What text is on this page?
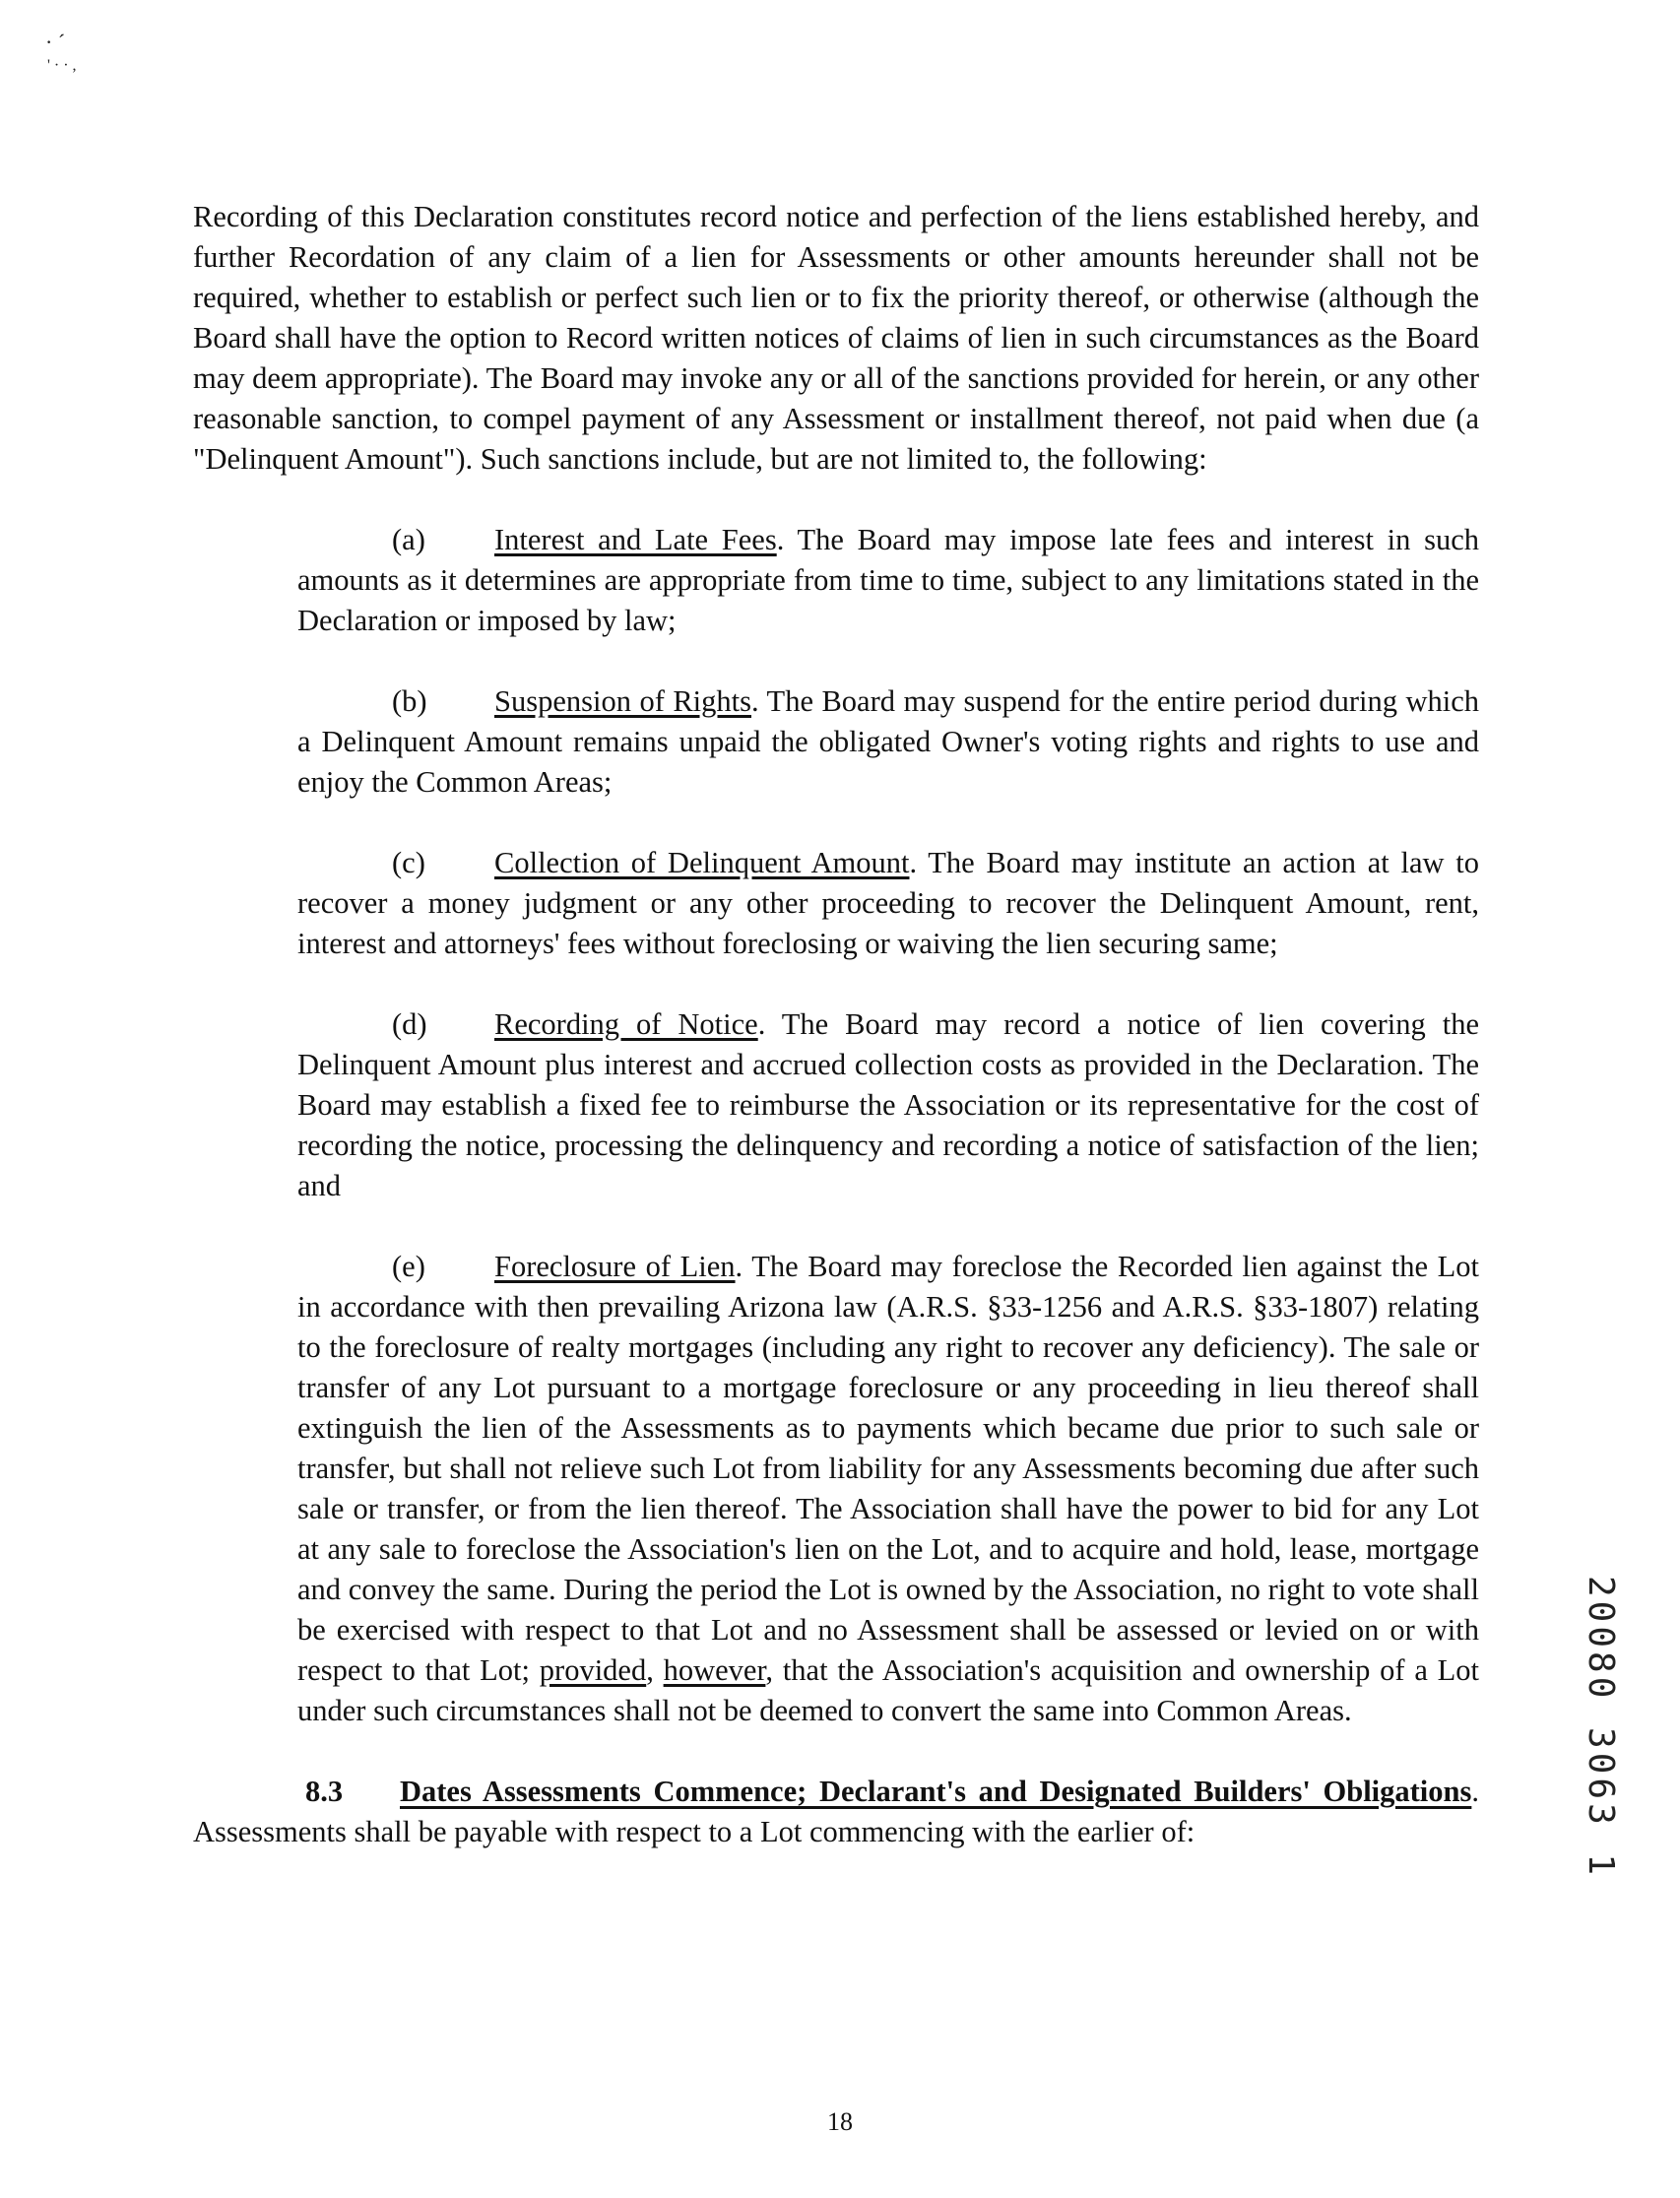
· ´
' · · ,

Recording of this Declaration constitutes record notice and perfection of the liens established hereby, and further Recordation of any claim of a lien for Assessments or other amounts hereunder shall not be required, whether to establish or perfect such lien or to fix the priority thereof, or otherwise (although the Board shall have the option to Record written notices of claims of lien in such circumstances as the Board may deem appropriate). The Board may invoke any or all of the sanctions provided for herein, or any other reasonable sanction, to compel payment of any Assessment or installment thereof, not paid when due (a "Delinquent Amount"). Such sanctions include, but are not limited to, the following:

(a) Interest and Late Fees. The Board may impose late fees and interest in such amounts as it determines are appropriate from time to time, subject to any limitations stated in the Declaration or imposed by law;

(b) Suspension of Rights. The Board may suspend for the entire period during which a Delinquent Amount remains unpaid the obligated Owner's voting rights and rights to use and enjoy the Common Areas;

(c) Collection of Delinquent Amount. The Board may institute an action at law to recover a money judgment or any other proceeding to recover the Delinquent Amount, rent, interest and attorneys' fees without foreclosing or waiving the lien securing same;

(d) Recording of Notice. The Board may record a notice of lien covering the Delinquent Amount plus interest and accrued collection costs as provided in the Declaration. The Board may establish a fixed fee to reimburse the Association or its representative for the cost of recording the notice, processing the delinquency and recording a notice of satisfaction of the lien; and

(e) Foreclosure of Lien. The Board may foreclose the Recorded lien against the Lot in accordance with then prevailing Arizona law (A.R.S. §33-1256 and A.R.S. §33-1807) relating to the foreclosure of realty mortgages (including any right to recover any deficiency). The sale or transfer of any Lot pursuant to a mortgage foreclosure or any proceeding in lieu thereof shall extinguish the lien of the Assessments as to payments which became due prior to such sale or transfer, but shall not relieve such Lot from liability for any Assessments becoming due after such sale or transfer, or from the lien thereof. The Association shall have the power to bid for any Lot at any sale to foreclose the Association's lien on the Lot, and to acquire and hold, lease, mortgage and convey the same. During the period the Lot is owned by the Association, no right to vote shall be exercised with respect to that Lot and no Assessment shall be assessed or levied on or with respect to that Lot; provided, however, that the Association's acquisition and ownership of a Lot under such circumstances shall not be deemed to convert the same into Common Areas.

8.3 Dates Assessments Commence; Declarant's and Designated Builders' Obligations. Assessments shall be payable with respect to a Lot commencing with the earlier of:	20080 3063 1
18
